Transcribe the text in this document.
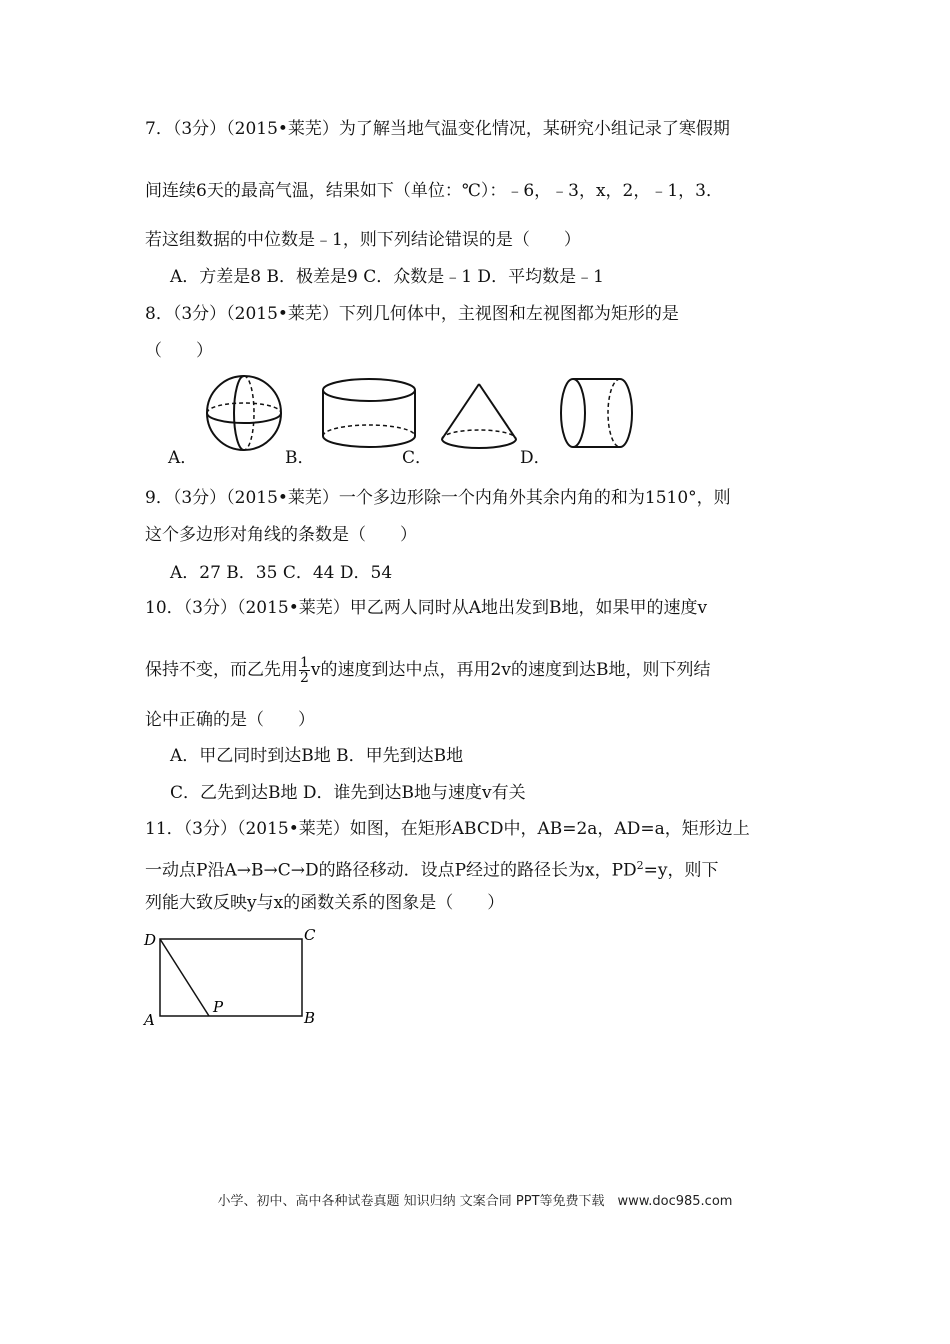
7．（3分）（2015•莱芜）为了解当地气温变化情况，某研究小组记录了寒假期
间连续6天的最高气温，结果如下（单位：℃）：﹣6，﹣3，x，2，﹣1，3．
若这组数据的中位数是﹣1，则下列结论错误的是（　　）
A．方差是8 B．极差是9 C．众数是﹣1 D．平均数是﹣1
8．（3分）（2015•莱芜）下列几何体中，主视图和左视图都为矩形的是
（　　）
A．	B．	C．	D．
9．（3分）（2015•莱芜）一个多边形除一个内角外其余内角的和为1510°，则
这个多边形对角线的条数是（　　）
A．27 B．35 C．44 D．54
10．（3分）（2015•莱芜）甲乙两人同时从A地出发到B地，如果甲的速度v
保持不变，而乙先用 $\frac{1}{2}$ v的速度到达中点，再用2v的速度到达B地，则下列结
论中正确的是（　　）
A．甲乙同时到达B地 B．甲先到达B地
C．乙先到达B地 D．谁先到达B地与速度v有关
11．（3分）（2015•莱芜）如图，在矩形ABCD中，AB=2a，AD=a，矩形边上
一动点P沿A→B→C→D的路径移动．设点P经过的路径长为x，$PD^2=y$，则下
列能大致反映y与x的函数关系的图象是（　　）
D	C
A	B
P
小学、初中、高中各种试卷真题 知识归纳 文案合同 PPT等免费下载　www.doc985.com
